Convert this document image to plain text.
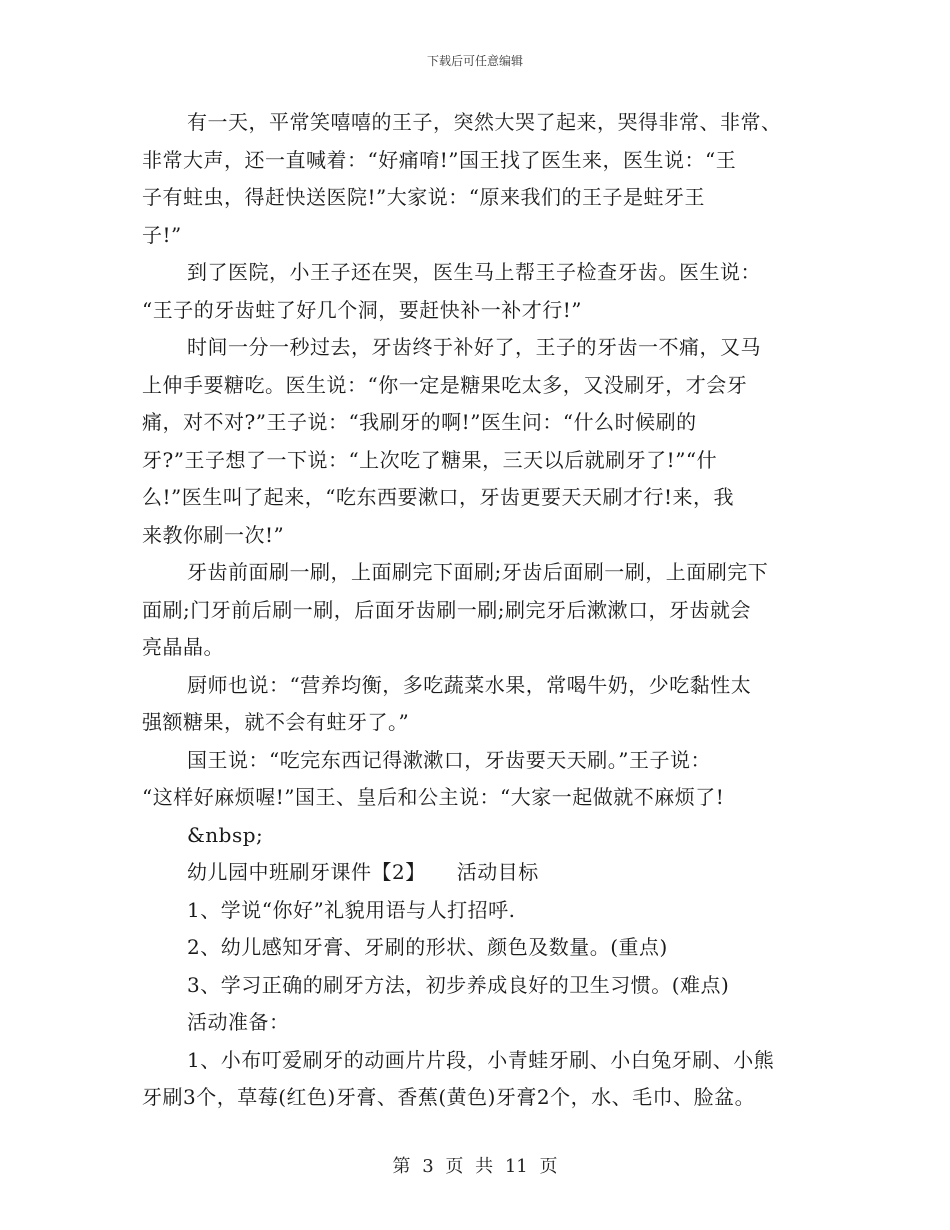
下载后可任意编辑
有一天，平常笑嘻嘻的王子，突然大哭了起来，哭得非常、非常、
非常大声，还一直喊着：“好痛唷!”国王找了医生来，医生说：“王
子有蛀虫，得赶快送医院!”大家说：“原来我们的王子是蛀牙王
子!”
到了医院，小王子还在哭，医生马上帮王子检查牙齿。医生说：
“王子的牙齿蛀了好几个洞，要赶快补一补才行!”
时间一分一秒过去，牙齿终于补好了，王子的牙齿一不痛，又马
上伸手要糖吃。医生说：“你一定是糖果吃太多，又没刷牙，才会牙
痛，对不对?”王子说：“我刷牙的啊!”医生问：“什么时候刷的
牙?”王子想了一下说：“上次吃了糖果，三天以后就刷牙了!”“什
么!”医生叫了起来，“吃东西要漱口，牙齿更要天天刷才行!来，我
来教你刷一次!”
牙齿前面刷一刷，上面刷完下面刷;牙齿后面刷一刷，上面刷完下
面刷;门牙前后刷一刷，后面牙齿刷一刷;刷完牙后漱漱口，牙齿就会
亮晶晶。
厨师也说：“营养均衡，多吃蔬菜水果，常喝牛奶，少吃黏性太
强额糖果，就不会有蛀牙了。”
国王说：“吃完东西记得漱漱口，牙齿要天天刷。”王子说：
“这样好麻烦喔!”国王、皇后和公主说：“大家一起做就不麻烦了!
&nbsp;
幼儿园中班刷牙课件【2】　　活动目标
1、学说“你好”礼貌用语与人打招呼.
2、幼儿感知牙膏、牙刷的形状、颜色及数量。(重点)
3、学习正确的刷牙方法，初步养成良好的卫生习惯。(难点)
活动准备：
1、小布叮爱刷牙的动画片片段，小青蛙牙刷、小白兔牙刷、小熊
牙刷3个，草莓(红色)牙膏、香蕉(黄色)牙膏2个，水、毛巾、脸盆。
第 3 页 共 11 页
